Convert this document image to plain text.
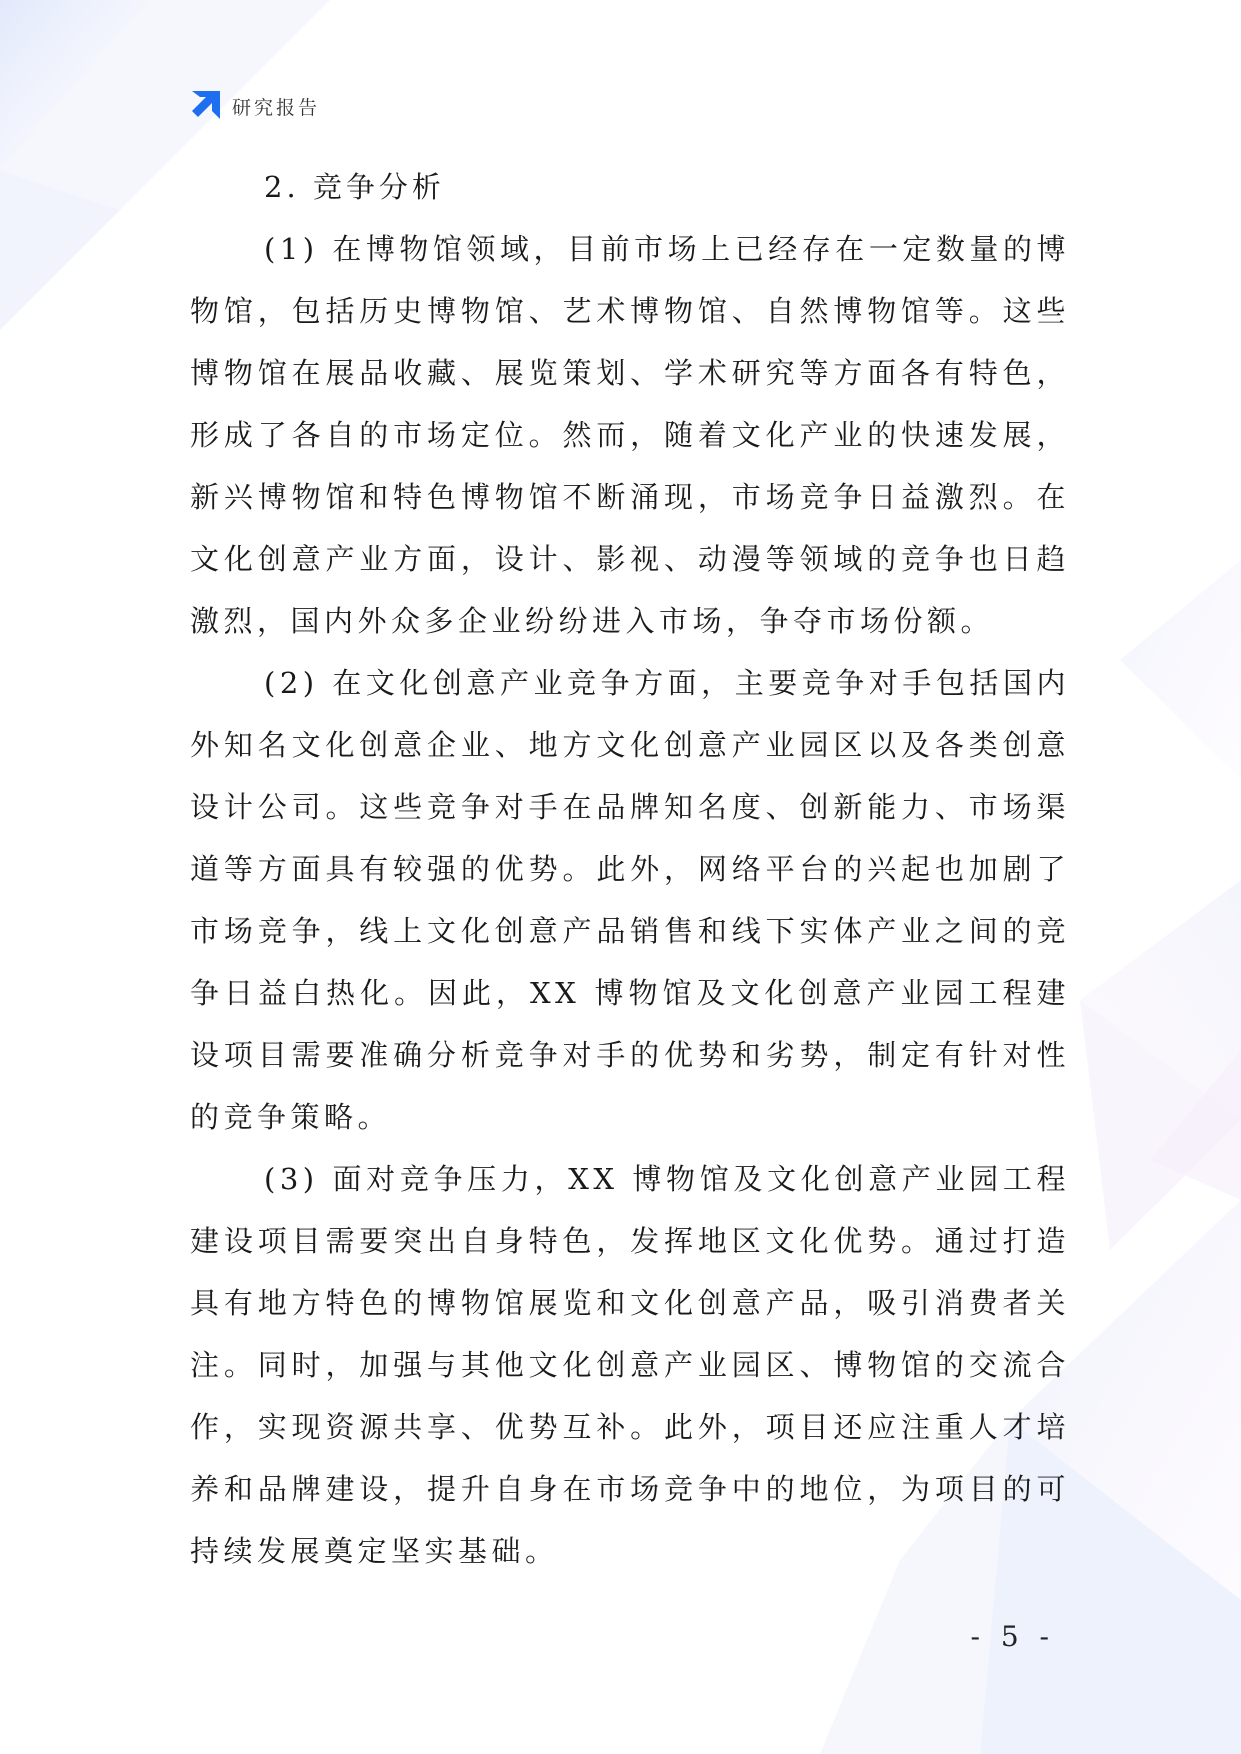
研究报告
2. 竞争分析

(1) 在博物馆领域，目前市场上已经存在一定数量的博物馆，包括历史博物馆、艺术博物馆、自然博物馆等。这些博物馆在展品收藏、展览策划、学术研究等方面各有特色，形成了各自的市场定位。然而，随着文化产业的快速发展，新兴博物馆和特色博物馆不断涌现，市场竞争日益激烈。在文化创意产业方面，设计、影视、动漫等领域的竞争也日趋激烈，国内外众多企业纷纷进入市场，争夺市场份额。

(2) 在文化创意产业竞争方面，主要竞争对手包括国内外知名文化创意企业、地方文化创意产业园区以及各类创意设计公司。这些竞争对手在品牌知名度、创新能力、市场渠道等方面具有较强的优势。此外，网络平台的兴起也加剧了市场竞争，线上文化创意产品销售和线下实体产业之间的竞争日益白热化。因此，XX 博物馆及文化创意产业园工程建设项目需要准确分析竞争对手的优势和劣势，制定有针对性的竞争策略。

(3) 面对竞争压力，XX 博物馆及文化创意产业园工程建设项目需要突出自身特色，发挥地区文化优势。通过打造具有地方特色的博物馆展览和文化创意产品，吸引消费者关注。同时，加强与其他文化创意产业园区、博物馆的交流合作，实现资源共享、优势互补。此外，项目还应注重人才培养和品牌建设，提升自身在市场竞争中的地位，为项目的可持续发展奠定坚实基础。

- 5 -
